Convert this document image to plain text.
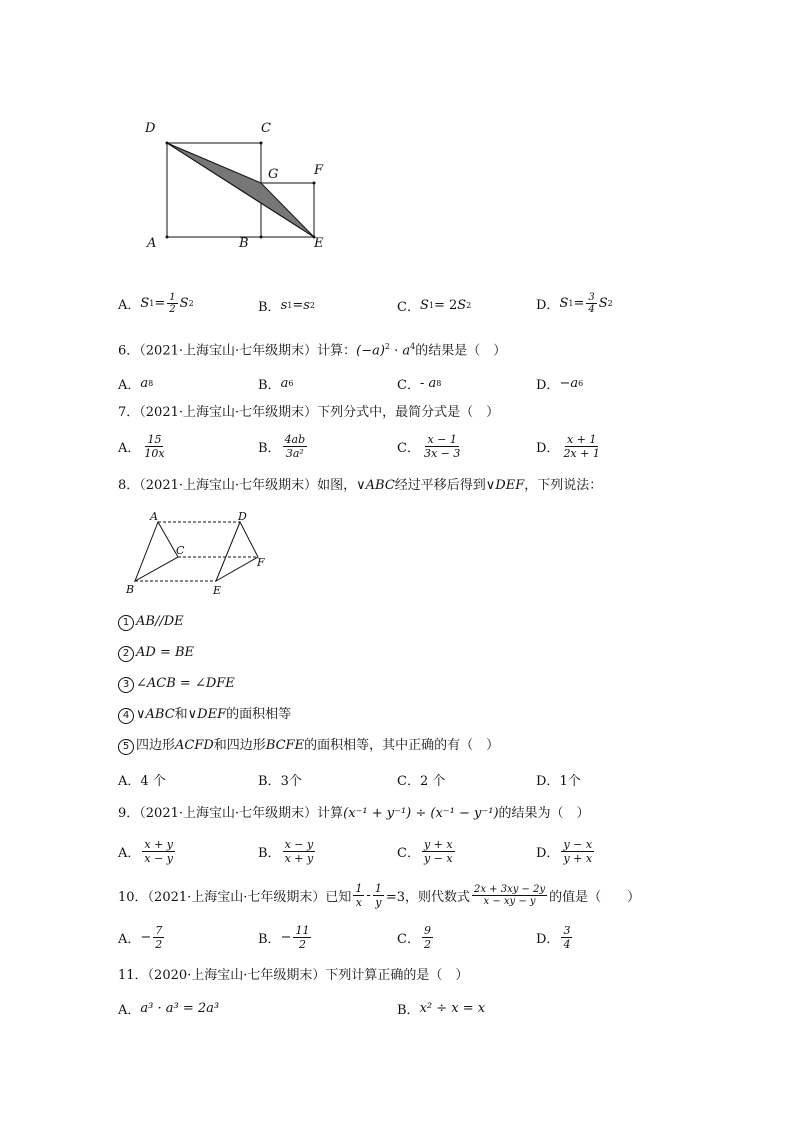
D	C
G	F
A	B	E
A． S $1 = \frac{1}{2}$ S 2	B． s 1 = s 2	C． S 1 = 2 S 2	D． S $1 = \frac{3}{4}$ S 2
6．（2021·上海宝山·七年级期末）计算：$(-a)^2 \cdot a^4$的结果是（　）
A． a 8	B． a 6	C． - a 8	D． −a 6
7．（2021·上海宝山·七年级期末）下列分式中，最简分式是（　）
A． $\frac{15}{10x}$	B． $\frac{4ab}{\text{3a²}}$	C． $\frac{x - 1}{3x - 3}$	D． $\frac{x + 1}{2x + 1}$
8．（2021·上海宝山·七年级期末）如图，∨ABC经过平移后得到∨DEF，下列说法：
A	D
C
F
B	E
1 AB//DE
2 AD = BE
3 ∠ACB = ∠DFE
4 ∨ABC和∨DEF的面积相等
5 四边形ACFD和四边形BCFE的面积相等，其中正确的有（　）
A． 4 个	B． 3个	C． 2 个	D． 1个
9．（2021·上海宝山·七年级期末）计算(x⁻¹ + y⁻¹) ÷ (x⁻¹ − y⁻¹)的结果为（　）
A． $\frac{x + y}{x - y}$	B． $\frac{x - y}{x + y}$	C． $\frac{y + x}{y - x}$	D． $\frac{y - x}{y + x}$
10．（2021·上海宝山·七年级期末）已知 $\frac{1}{x} - \frac{1}{y} =3$，则代数式 $\frac{2x + 3xy - 2y}{x - xy - y}$ 的值是（　　）
A． − $\frac{7}{2}$	B． − $\frac{11}{2}$	C． $\frac{9}{2}$	D． $\frac{3}{4}$
11．（2020·上海宝山·七年级期末）下列计算正确的是（　）
A． a³ · a³ = 2a³	B． x² ÷ x = x
